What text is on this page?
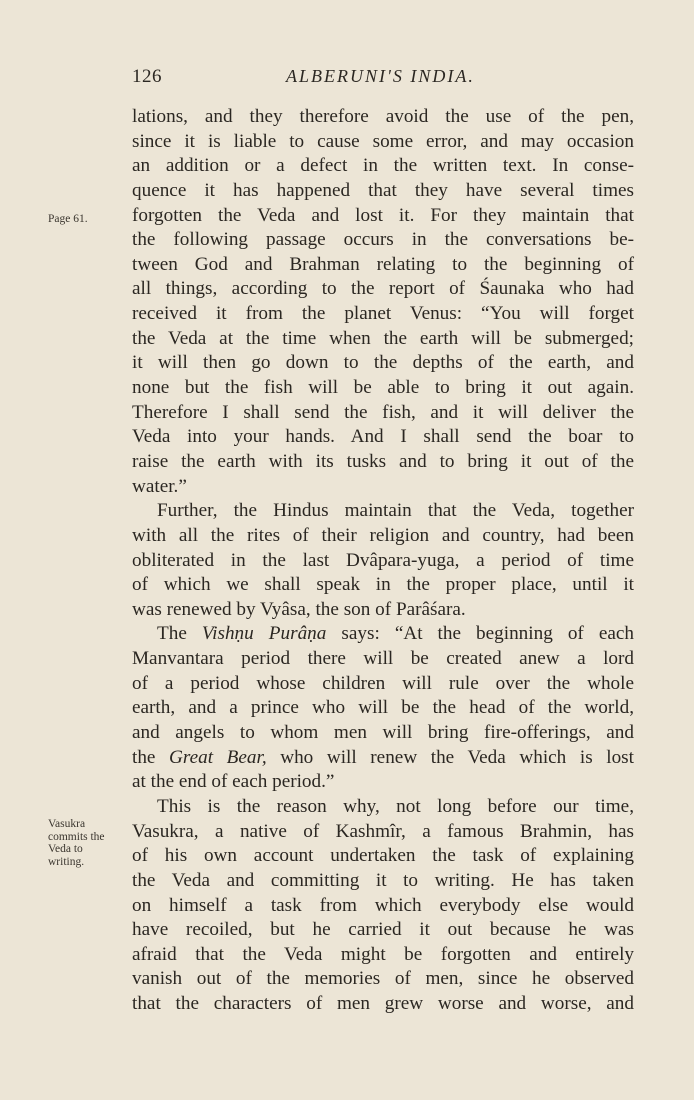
126	ALBERUNI'S INDIA.
Page 61.
Vasukra
commits the
Veda to
writing.
lations, and they therefore avoid the use of the pen,
since it is liable to cause some error, and may occasion
an addition or a defect in the written text. In conse-
quence it has happened that they have several times
forgotten the Veda and lost it. For they maintain that
the following passage occurs in the conversations be-
tween God and Brahman relating to the beginning of
all things, according to the report of Śaunaka who had
received it from the planet Venus: “You will forget
the Veda at the time when the earth will be submerged;
it will then go down to the depths of the earth, and
none but the fish will be able to bring it out again.
Therefore I shall send the fish, and it will deliver the
Veda into your hands. And I shall send the boar to
raise the earth with its tusks and to bring it out of the
water.”
Further, the Hindus maintain that the Veda, together
with all the rites of their religion and country, had been
obliterated in the last Dvâpara-yuga, a period of time
of which we shall speak in the proper place, until it
was renewed by Vyâsa, the son of Parâśara.
The Vishṇu Purâṇa says: “At the beginning of each
Manvantara period there will be created anew a lord
of a period whose children will rule over the whole
earth, and a prince who will be the head of the world,
and angels to whom men will bring fire-offerings, and
the Great Bear, who will renew the Veda which is lost
at the end of each period.”
This is the reason why, not long before our time,
Vasukra, a native of Kashmîr, a famous Brahmin, has
of his own account undertaken the task of explaining
the Veda and committing it to writing. He has taken
on himself a task from which everybody else would
have recoiled, but he carried it out because he was
afraid that the Veda might be forgotten and entirely
vanish out of the memories of men, since he observed
that the characters of men grew worse and worse, and
